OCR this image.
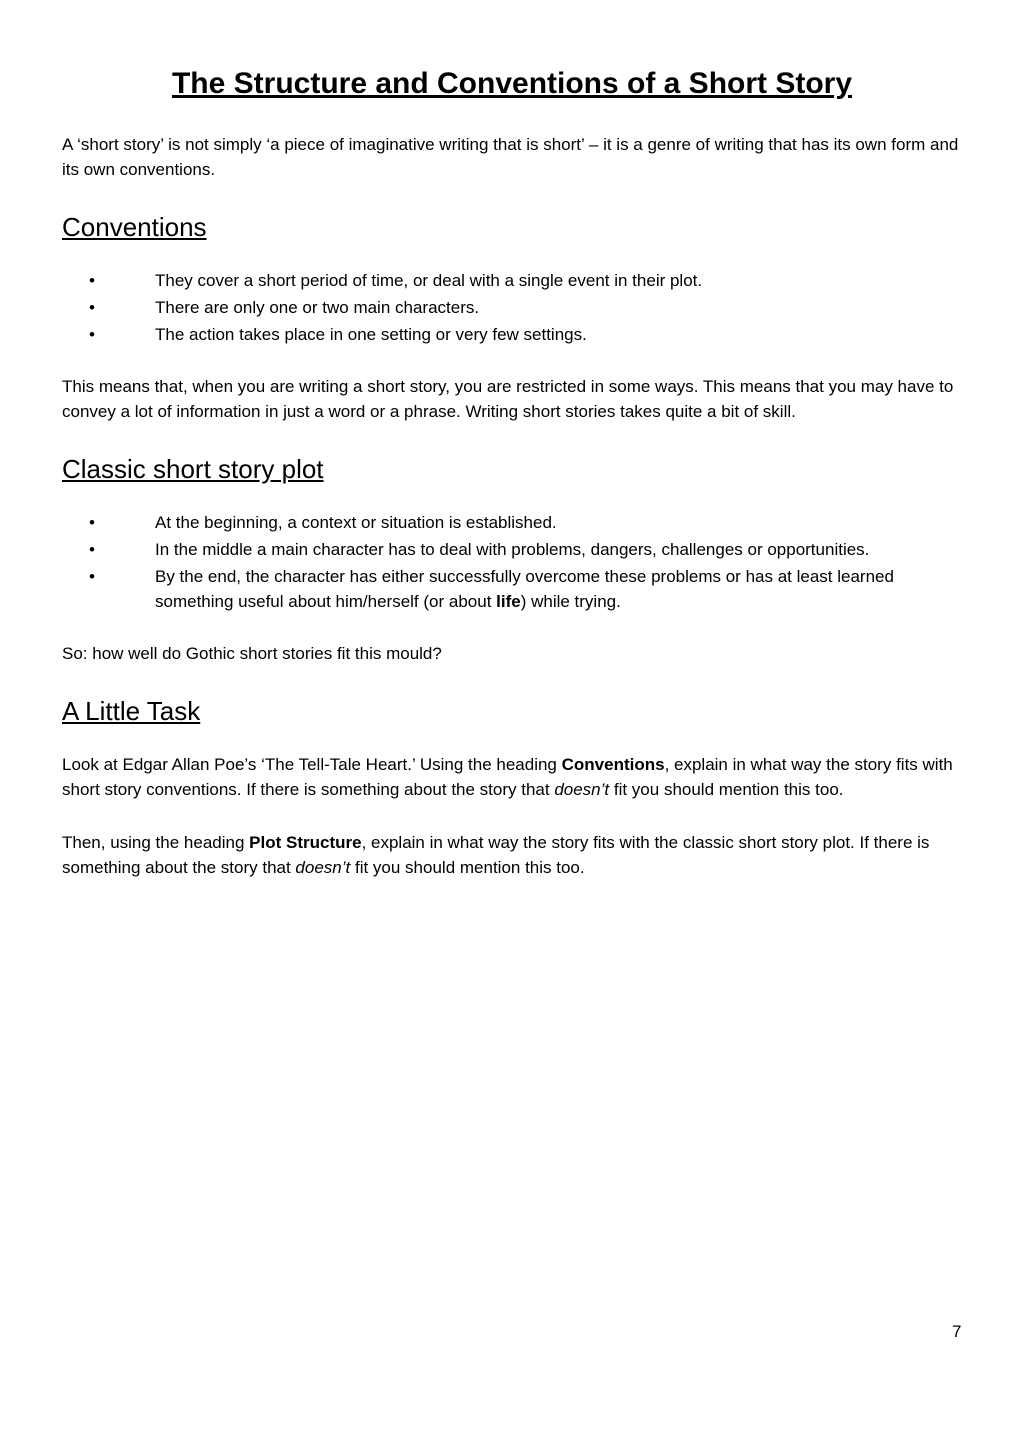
The Structure and Conventions of a Short Story

A ‘short story’ is not simply ‘a piece of imaginative writing that is short’ – it is a genre of writing that has its own form and its own conventions.

Conventions
•	They cover a short period of time, or deal with a single event in their plot.
•	There are only one or two main characters.
•	The action takes place in one setting or very few settings.

This means that, when you are writing a short story, you are restricted in some ways. This means that you may have to convey a lot of information in just a word or a phrase. Writing short stories takes quite a bit of skill.

Classic short story plot
•	At the beginning, a context or situation is established.
•	In the middle a main character has to deal with problems, dangers, challenges or opportunities.
•	By the end, the character has either successfully overcome these problems or has at least learned something useful about him/herself (or about life) while trying.

So: how well do Gothic short stories fit this mould?

A Little Task

Look at Edgar Allan Poe’s ‘The Tell-Tale Heart.’ Using the heading Conventions, explain in what way the story fits with short story conventions. If there is something about the story that doesn’t fit you should mention this too.

Then, using the heading Plot Structure, explain in what way the story fits with the classic short story plot. If there is something about the story that doesn’t fit you should mention this too.

7
